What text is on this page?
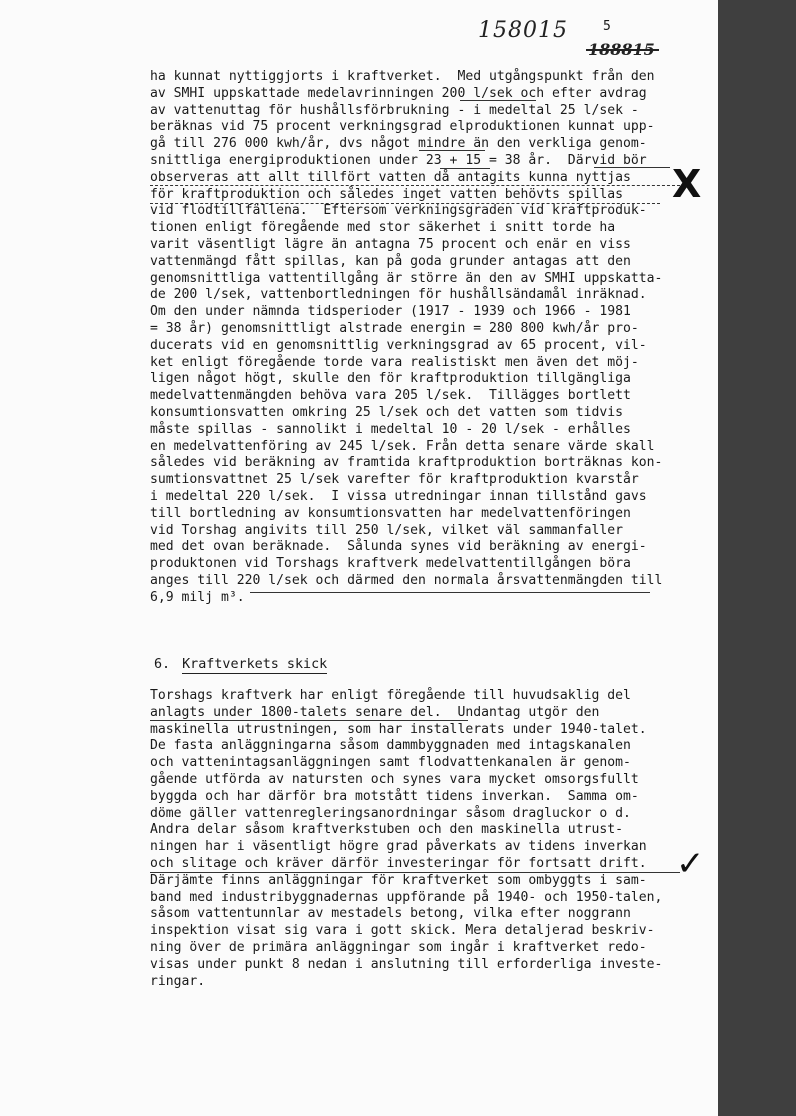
158015	5
188815
ha kunnat nyttiggjorts i kraftverket.  Med utgångspunkt från den
av SMHI uppskattade medelavrinningen 200 l/sek och efter avdrag
av vattenuttag för hushållsförbrukning - i medeltal 25 l/sek -
beräknas vid 75 procent verkningsgrad elproduktionen kunnat upp-
gå till 276 000 kwh/år, dvs något mindre än den verkliga genom-
snittliga energiproduktionen under 23 + 15 = 38 år.  Därvid bör
observeras att allt tillfört vatten då antagits kunna nyttjas
för kraftproduktion och således inget vatten behövts spillas
vid flodtillfällena.  Eftersom verkningsgraden vid kraftproduk-
tionen enligt föregående med stor säkerhet i snitt torde ha
varit väsentligt lägre än antagna 75 procent och enär en viss
vattenmängd fått spillas, kan på goda grunder antagas att den
genomsnittliga vattentillgång är större än den av SMHI uppskatta-
de 200 l/sek, vattenbortledningen för hushållsändamål inräknad.
Om den under nämnda tidsperioder (1917 - 1939 och 1966 - 1981
= 38 år) genomsnittligt alstrade energin = 280 800 kwh/år pro-
ducerats vid en genomsnittlig verkningsgrad av 65 procent, vil-
ket enligt föregående torde vara realistiskt men även det möj-
ligen något högt, skulle den för kraftproduktion tillgängliga
medelvattenmängden behöva vara 205 l/sek.  Tillägges bortlett
konsumtionsvatten omkring 25 l/sek och det vatten som tidvis
måste spillas - sannolikt i medeltal 10 - 20 l/sek - erhålles
en medelvattenföring av 245 l/sek. Från detta senare värde skall
således vid beräkning av framtida kraftproduktion borträknas kon-
sumtionsvattnet 25 l/sek varefter för kraftproduktion kvarstår
i medeltal 220 l/sek.  I vissa utredningar innan tillstånd gavs
till bortledning av konsumtionsvatten har medelvattenföringen
vid Torshag angivits till 250 l/sek, vilket väl sammanfaller
med det ovan beräknade.  Sålunda synes vid beräkning av energi-
produktonen vid Torshags kraftverk medelvattentillgången böra
anges till 220 l/sek och därmed den normala årsvattenmängden till
6,9 milj m³.
6. Kraftverkets skick
Torshags kraftverk har enligt föregående till huvudsaklig del
anlagts under 1800-talets senare del.  Undantag utgör den
maskinella utrustningen, som har installerats under 1940-talet.
De fasta anläggningarna såsom dammbyggnaden med intagskanalen
och vattenintagsanläggningen samt flodvattenkanalen är genom-
gående utförda av natursten och synes vara mycket omsorgsfullt
byggda och har därför bra motstått tidens inverkan.  Samma om-
döme gäller vattenregleringsanordningar såsom dragluckor o d.
Andra delar såsom kraftverkstuben och den maskinella utrust-
ningen har i väsentligt högre grad påverkats av tidens inverkan
och slitage och kräver därför investeringar för fortsatt drift.
Därjämte finns anläggningar för kraftverket som ombyggts i sam-
band med industribyggnadernas uppförande på 1940- och 1950-talen,
såsom vattentunnlar av mestadels betong, vilka efter noggrann
inspektion visat sig vara i gott skick. Mera detaljerad beskriv-
ning över de primära anläggningar som ingår i kraftverket redo-
visas under punkt 8 nedan i anslutning till erforderliga investe-
ringar.
X
✓
